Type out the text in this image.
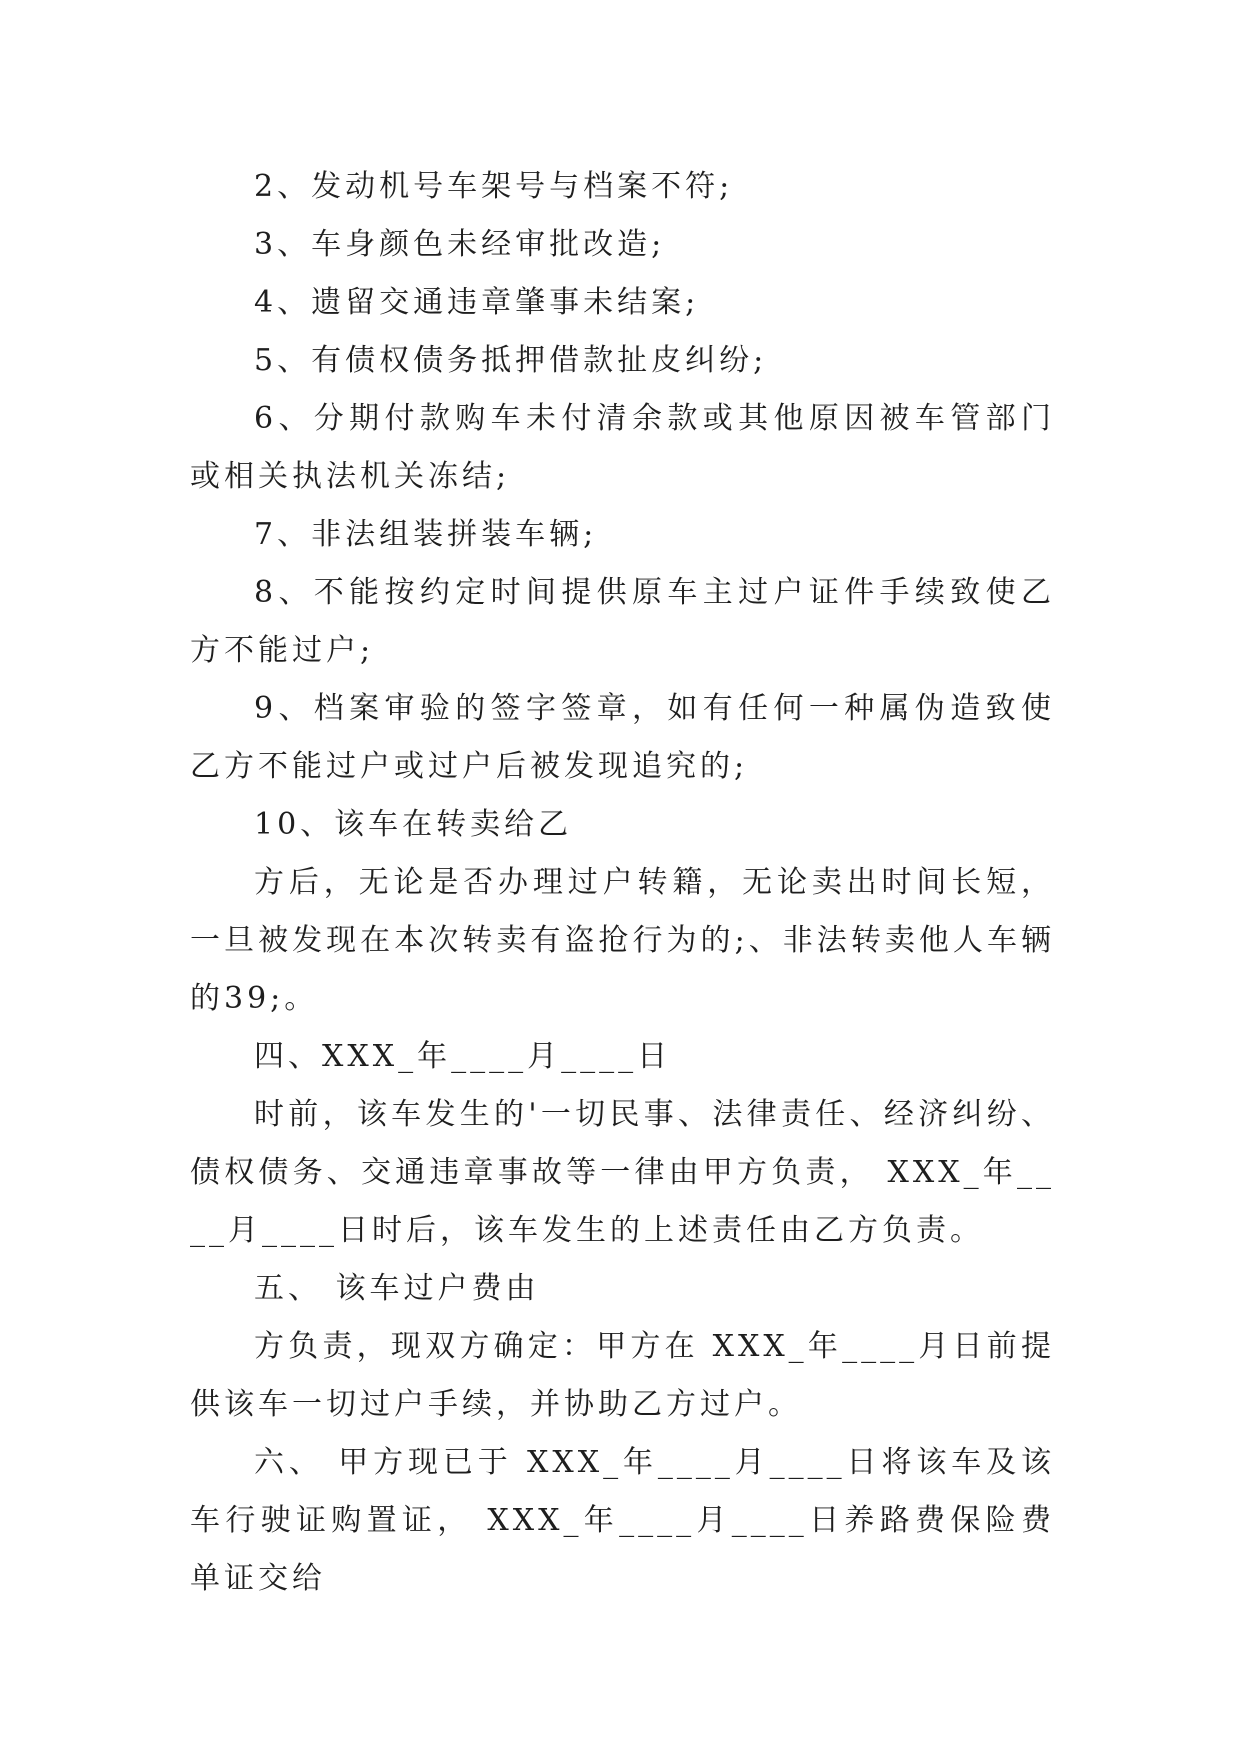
2、发动机号车架号与档案不符;

3、车身颜色未经审批改造;

4、遗留交通违章肇事未结案;

5、有债权债务抵押借款扯皮纠纷;

6、分期付款购车未付清余款或其他原因被车管部门或相关执法机关冻结;

7、非法组装拼装车辆;

8、不能按约定时间提供原车主过户证件手续致使乙方不能过户;

9、档案审验的签字签章，如有任何一种属伪造致使乙方不能过户或过户后被发现追究的;

10、该车在转卖给乙

方后，无论是否办理过户转籍，无论卖出时间长短，一旦被发现在本次转卖有盗抢行为的;、非法转卖他人车辆的39;。

四、XXX_年____月____日

时前，该车发生的'一切民事、法律责任、经济纠纷、债权债务、交通违章事故等一律由甲方负责， XXX_年____月____日时后，该车发生的上述责任由乙方负责。

五、 该车过户费由

方负责，现双方确定：甲方在 XXX_年____月日前提供该车一切过户手续，并协助乙方过户。

六、 甲方现已于 XXX_年____月____日将该车及该车行驶证购置证， XXX_年____月____日养路费保险费单证交给
